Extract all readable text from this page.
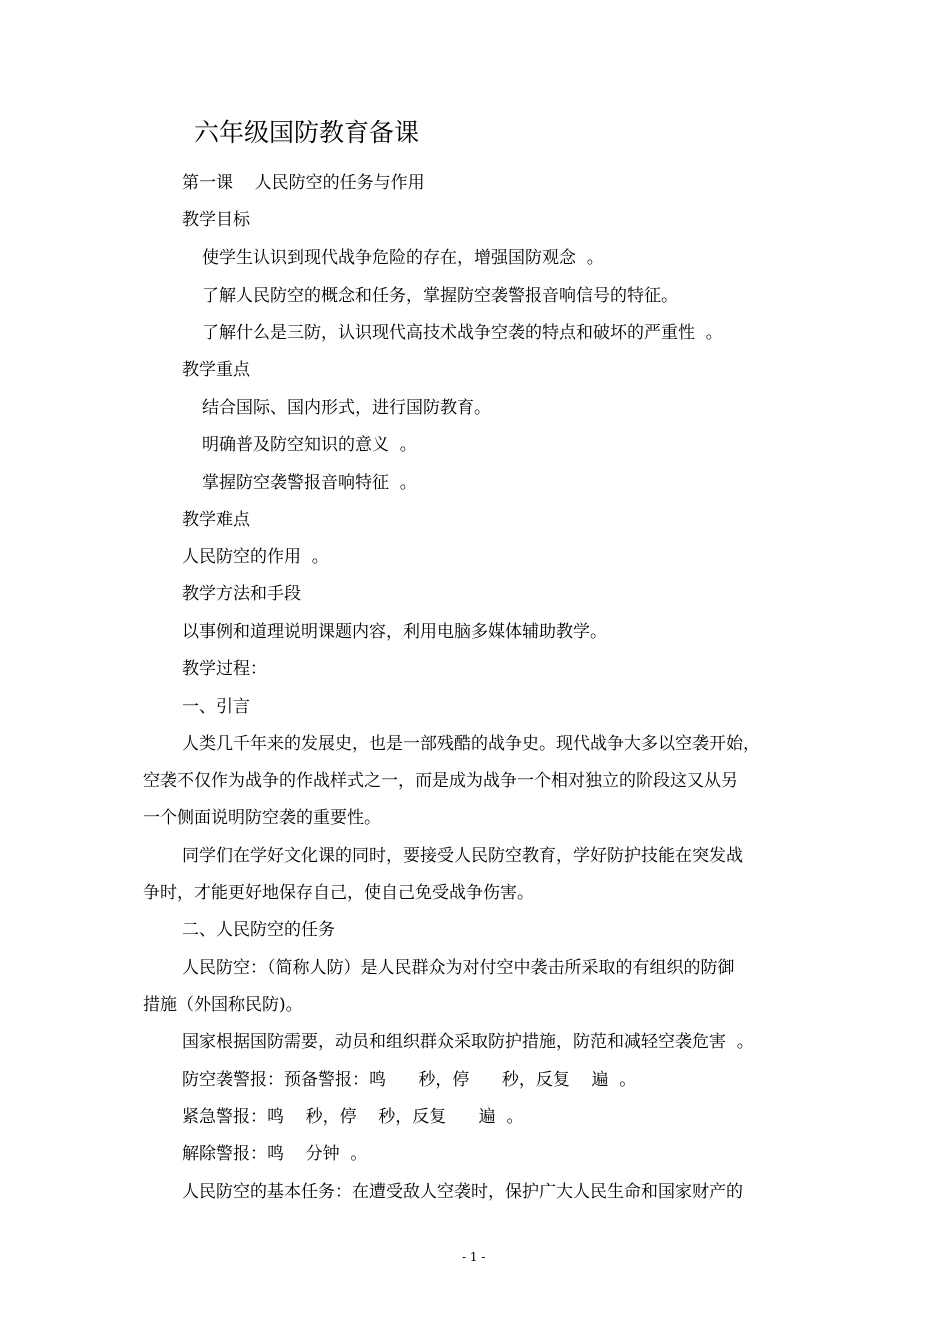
六年级国防教育备课
第一课    人民防空的任务与作用
教学目标
使学生认识到现代战争危险的存在，增强国防观念  。
了解人民防空的概念和任务，掌握防空袭警报音响信号的特征。
了解什么是三防，认识现代高技术战争空袭的特点和破坏的严重性  。
教学重点
结合国际、国内形式，进行国防教育。
明确普及防空知识的意义  。
掌握防空袭警报音响特征  。
教学难点
人民防空的作用  。
教学方法和手段
以事例和道理说明课题内容，利用电脑多媒体辅助教学。
教学过程：
一、引言
人类几千年来的发展史，也是一部残酷的战争史。现代战争大多以空袭开始，
空袭不仅作为战争的作战样式之一，而是成为战争一个相对独立的阶段这又从另
一个侧面说明防空袭的重要性。
同学们在学好文化课的同时，要接受人民防空教育，学好防护技能在突发战
争时，才能更好地保存自己，使自己免受战争伤害。
二、人民防空的任务
人民防空：（简称人防）是人民群众为对付空中袭击所采取的有组织的防御
措施（外国称民防)。
国家根据国防需要，动员和组织群众采取防护措施，防范和减轻空袭危害  。
防空袭警报：预备警报：鸣      秒，停      秒，反复    遍  。
紧急警报：鸣    秒，停    秒，反复      遍  。
解除警报：鸣    分钟  。
人民防空的基本任务：在遭受敌人空袭时，保护广大人民生命和国家财产的
- 1 -
